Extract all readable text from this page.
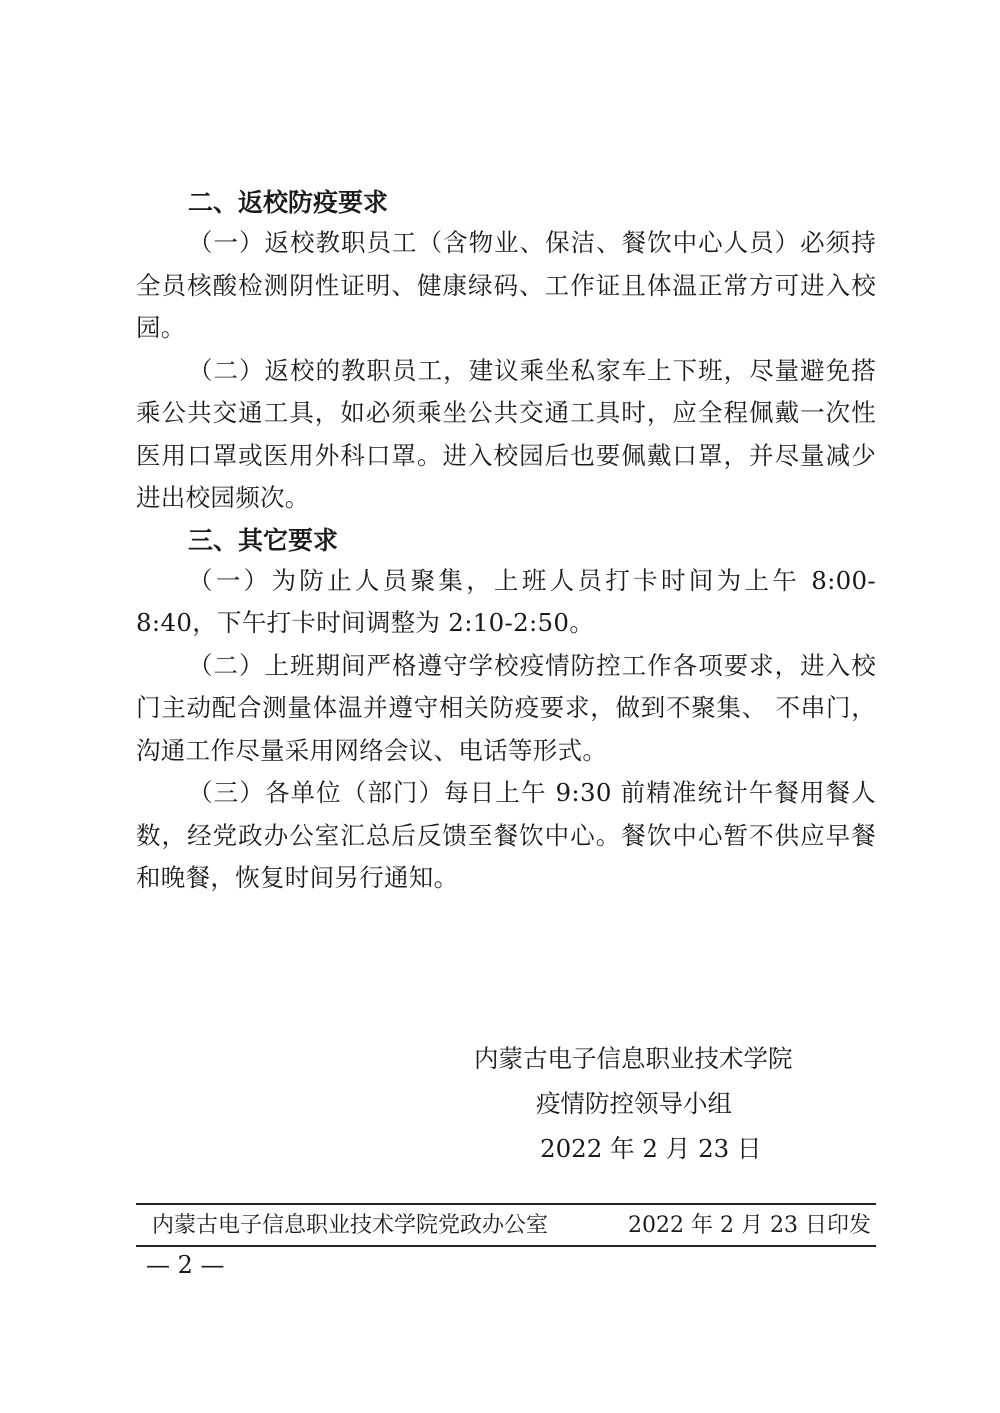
二、返校防疫要求

（一）返校教职员工（含物业、保洁、餐饮中心人员）必须持全员核酸检测阴性证明、健康绿码、工作证且体温正常方可进入校园。

（二）返校的教职员工，建议乘坐私家车上下班，尽量避免搭乘公共交通工具，如必须乘坐公共交通工具时，应全程佩戴一次性医用口罩或医用外科口罩。进入校园后也要佩戴口罩，并尽量减少进出校园频次。

三、其它要求

（一）为防止人员聚集，上班人员打卡时间为上午 8:00-8:40，下午打卡时间调整为 2:10-2:50。

（二）上班期间严格遵守学校疫情防控工作各项要求，进入校门主动配合测量体温并遵守相关防疫要求，做到不聚集、 不串门，沟通工作尽量采用网络会议、电话等形式。

（三）各单位（部门）每日上午 9:30 前精准统计午餐用餐人数，经党政办公室汇总后反馈至餐饮中心。餐饮中心暂不供应早餐和晚餐，恢复时间另行通知。

内蒙古电子信息职业技术学院
疫情防控领导小组
2022 年 2 月 23 日
内蒙古电子信息职业技术学院党政办公室	2022 年 2 月 23 日印发
— 2 —
